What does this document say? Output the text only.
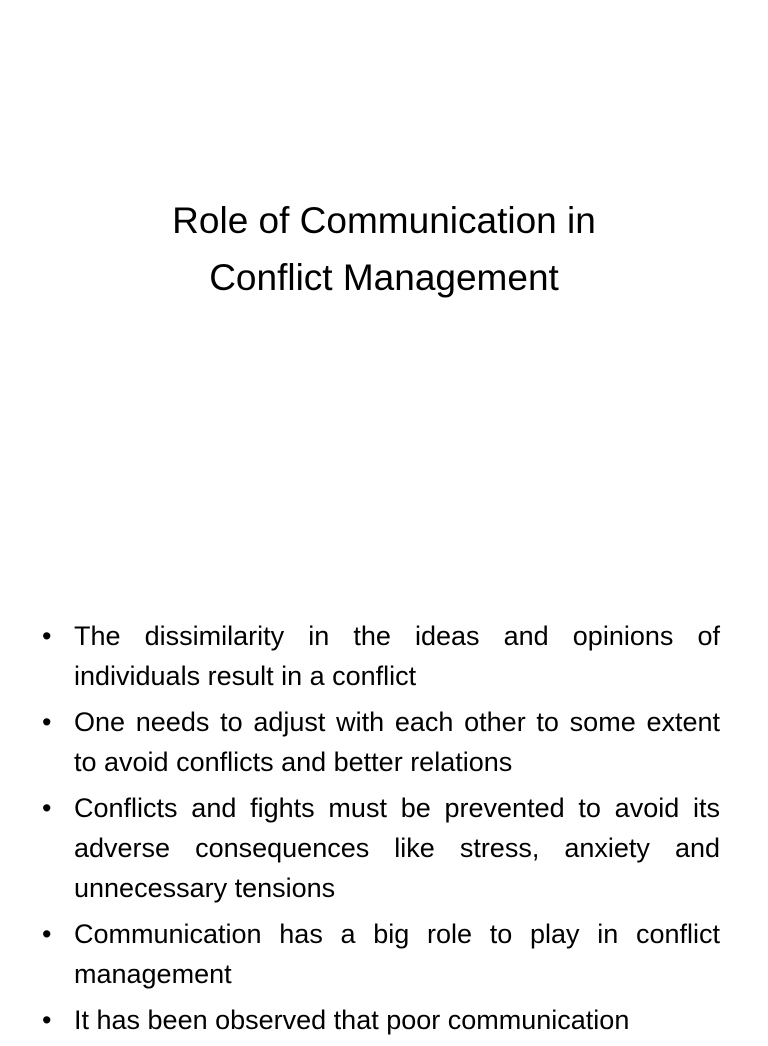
Role of Communication in
Conflict Management
• The dissimilarity in the ideas and opinions of individuals result in a conflict
• One needs to adjust with each other to some extent to avoid conflicts and better relations
• Conflicts and fights must be prevented to avoid its adverse consequences like stress, anxiety and unnecessary tensions
• Communication has a big role to play in conflict management
• It has been observed that poor communication
